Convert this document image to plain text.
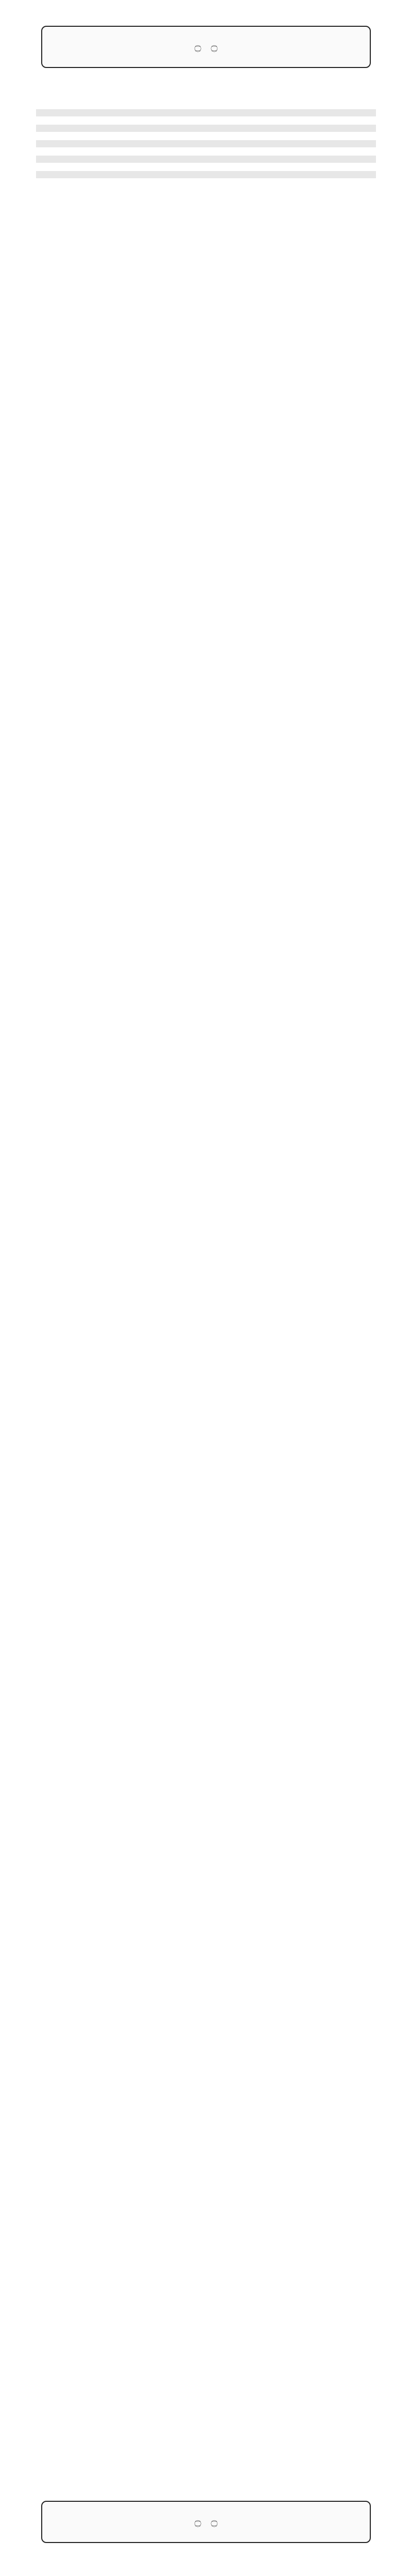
۝ ۝
۝ ۝
